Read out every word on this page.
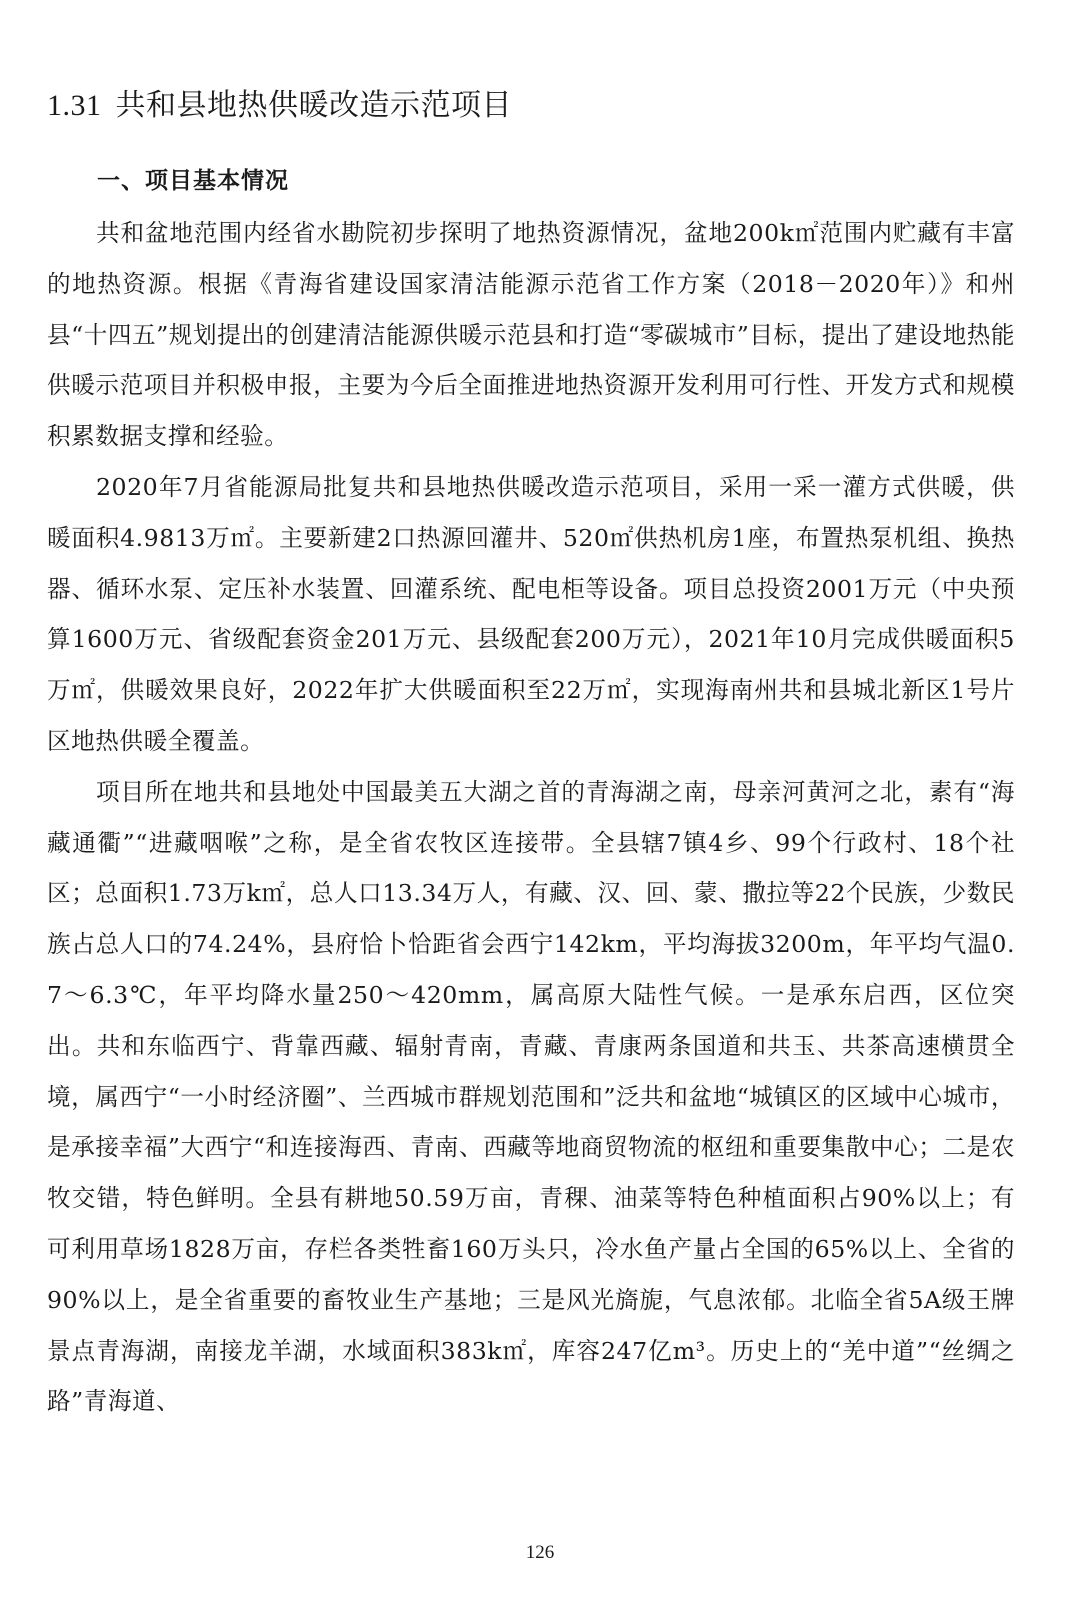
1.31 共和县地热供暖改造示范项目
一、项目基本情况

共和盆地范围内经省水勘院初步探明了地热资源情况，盆地200k㎡范围内贮藏有丰富的地热资源。根据《青海省建设国家清洁能源示范省工作方案（2018－2020年）》和州县“十四五”规划提出的创建清洁能源供暖示范县和打造“零碳城市”目标，提出了建设地热能供暖示范项目并积极申报，主要为今后全面推进地热资源开发利用可行性、开发方式和规模积累数据支撑和经验。

2020年7月省能源局批复共和县地热供暖改造示范项目，采用一采一灌方式供暖，供暖面积4.9813万㎡。主要新建2口热源回灌井、520㎡供热机房1座，布置热泵机组、换热器、循环水泵、定压补水装置、回灌系统、配电柜等设备。项目总投资2001万元（中央预算1600万元、省级配套资金201万元、县级配套200万元），2021年10月完成供暖面积5万㎡，供暖效果良好，2022年扩大供暖面积至22万㎡，实现海南州共和县城北新区1号片区地热供暖全覆盖。

项目所在地共和县地处中国最美五大湖之首的青海湖之南，母亲河黄河之北，素有“海藏通衢”“进藏咽喉”之称，是全省农牧区连接带。全县辖7镇4乡、99个行政村、18个社区；总面积1.73万k㎡，总人口13.34万人，有藏、汉、回、蒙、撒拉等22个民族，少数民族占总人口的74.24%，县府恰卜恰距省会西宁142km，平均海拔3200m，年平均气温0.7～6.3℃，年平均降水量250～420mm，属高原大陆性气候。一是承东启西，区位突出。共和东临西宁、背靠西藏、辐射青南，青藏、青康两条国道和共玉、共茶高速横贯全境，属西宁“一小时经济圈”、兰西城市群规划范围和”泛共和盆地“城镇区的区域中心城市，是承接幸福”大西宁“和连接海西、青南、西藏等地商贸物流的枢纽和重要集散中心；二是农牧交错，特色鲜明。全县有耕地50.59万亩，青稞、油菜等特色种植面积占90%以上；有可利用草场1828万亩，存栏各类牲畜160万头只，冷水鱼产量占全国的65%以上、全省的90%以上，是全省重要的畜牧业生产基地；三是风光旖旎，气息浓郁。北临全省5A级王牌景点青海湖，南接龙羊湖，水域面积383k㎡，库容247亿m³。历史上的“羌中道”“丝绸之路”青海道、

126
